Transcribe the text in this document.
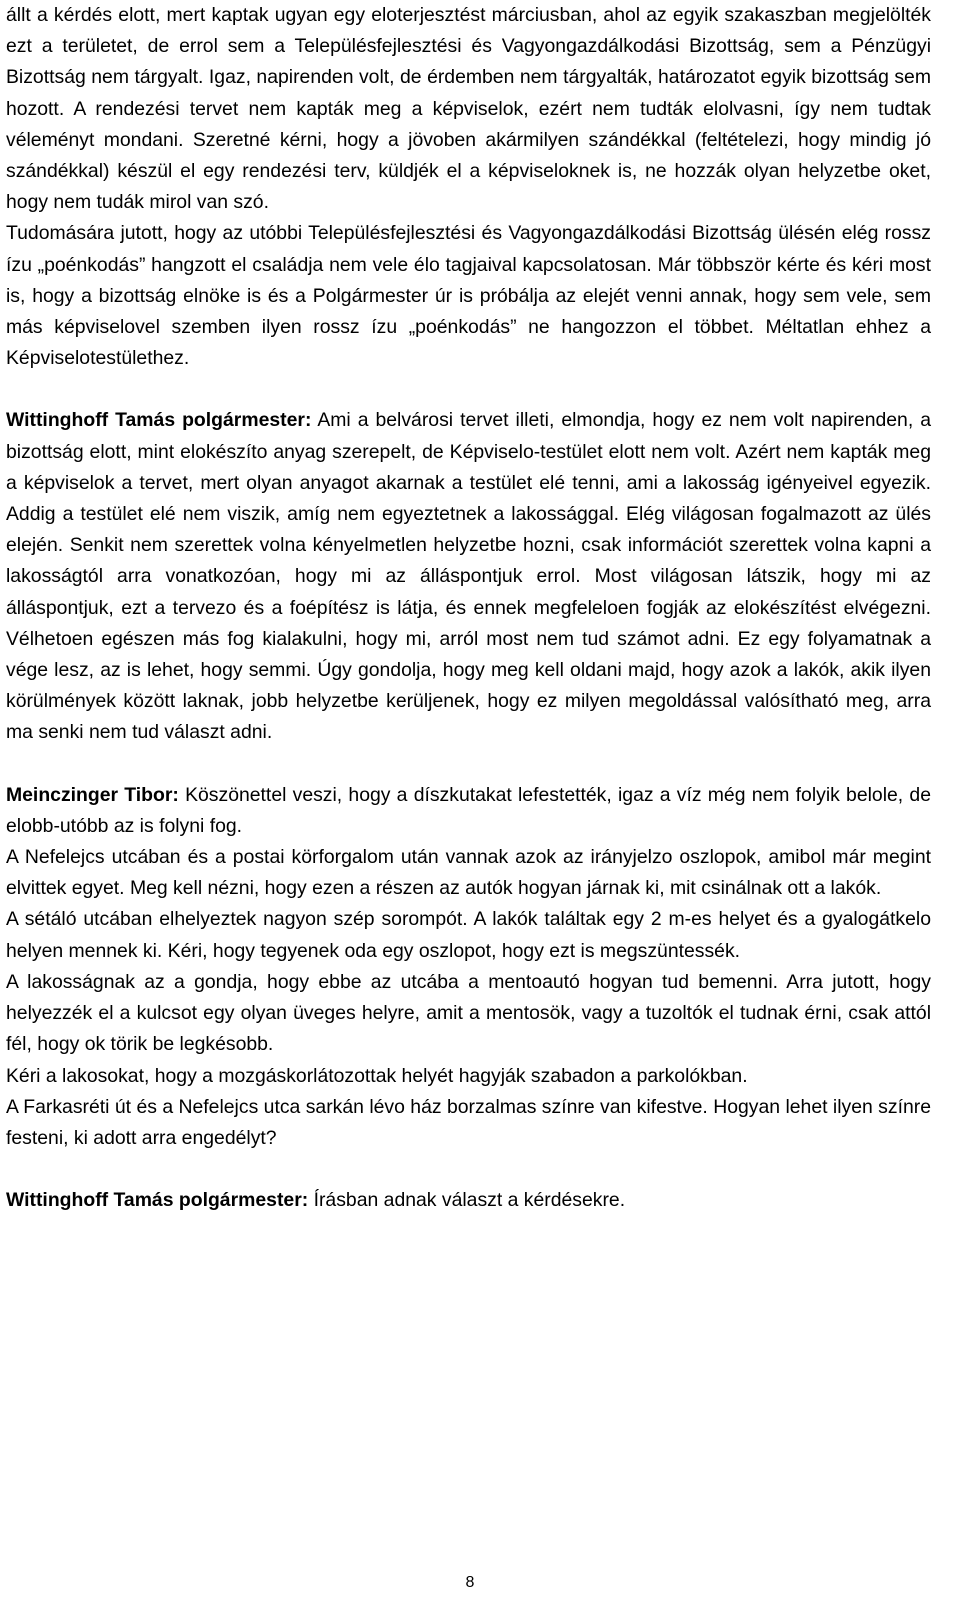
állt a kérdés elott, mert kaptak ugyan egy eloterjesztést márciusban, ahol az egyik szakaszban megjelölték ezt a területet, de errol sem a Településfejlesztési és Vagyongazdálkodási Bizottság, sem a Pénzügyi Bizottság nem tárgyalt. Igaz, napirenden volt, de érdemben nem tárgyalták, határozatot egyik bizottság sem hozott. A rendezési tervet nem kapták meg a képviselok, ezért nem tudták elolvasni, így nem tudtak véleményt mondani. Szeretné kérni, hogy a jövoben akármilyen szándékkal (feltételezi, hogy mindig jó szándékkal) készül el egy rendezési terv, küldjék el a képviseloknek is, ne hozzák olyan helyzetbe oket, hogy nem tudák mirol van szó.

Tudomására jutott, hogy az utóbbi Településfejlesztési és Vagyongazdálkodási Bizottság ülésén elég rossz ízu „poénkodás” hangzott el családja nem vele élo tagjaival kapcsolatosan. Már többször kérte és kéri most is, hogy a bizottság elnöke is és a Polgármester úr is próbálja az elejét venni annak, hogy sem vele, sem más képviselovel szemben ilyen rossz ízu „poénkodás” ne hangozzon el többet. Méltatlan ehhez a Képviselotestülethez.

Wittinghoff Tamás polgármester: Ami a belvárosi tervet illeti, elmondja, hogy ez nem volt napirenden, a bizottság elott, mint elokészíto anyag szerepelt, de Képviselo-testület elott nem volt. Azért nem kapták meg a képviselok a tervet, mert olyan anyagot akarnak a testület elé tenni, ami a lakosság igényeivel egyezik. Addig a testület elé nem viszik, amíg nem egyeztetnek a lakossággal. Elég világosan fogalmazott az ülés elején. Senkit nem szerettek volna kényelmetlen helyzetbe hozni, csak információt szerettek volna kapni a lakosságtól arra vonatkozóan, hogy mi az álláspontjuk errol. Most világosan látszik, hogy mi az álláspontjuk, ezt a tervezo és a foépítész is látja, és ennek megfeleloen fogják az elokészítést elvégezni. Vélhetoen egészen más fog kialakulni, hogy mi, arról most nem tud számot adni. Ez egy folyamatnak a vége lesz, az is lehet, hogy semmi. Úgy gondolja, hogy meg kell oldani majd, hogy azok a lakók, akik ilyen körülmények között laknak, jobb helyzetbe kerüljenek, hogy ez milyen megoldással valósítható meg, arra ma senki nem tud választ adni.

Meinczinger Tibor: Köszönettel veszi, hogy a díszkutakat lefestették, igaz a víz még nem folyik belole, de elobb-utóbb az is folyni fog.

A Nefelejcs utcában és a postai körforgalom után vannak azok az irányjelzo oszlopok, amibol már megint elvittek egyet. Meg kell nézni, hogy ezen a részen az autók hogyan járnak ki, mit csinálnak ott a lakók.

A sétáló utcában elhelyeztek nagyon szép sorompót. A lakók találtak egy 2 m-es helyet és a gyalogátkelo helyen mennek ki. Kéri, hogy tegyenek oda egy oszlopot, hogy ezt is megszüntessék.

A lakosságnak az a gondja, hogy ebbe az utcába a mentoautó hogyan tud bemenni. Arra jutott, hogy helyezzék el a kulcsot egy olyan üveges helyre, amit a mentosök, vagy a tuzoltók el tudnak érni, csak attól fél, hogy ok törik be legkésobb.

Kéri a lakosokat, hogy a mozgáskorlátozottak helyét hagyják szabadon a parkolókban.

A Farkasréti út és a Nefelejcs utca sarkán lévo ház borzalmas színre van kifestve. Hogyan lehet ilyen színre festeni, ki adott arra engedélyt?

Wittinghoff Tamás polgármester: Írásban adnak választ a kérdésekre.

8
